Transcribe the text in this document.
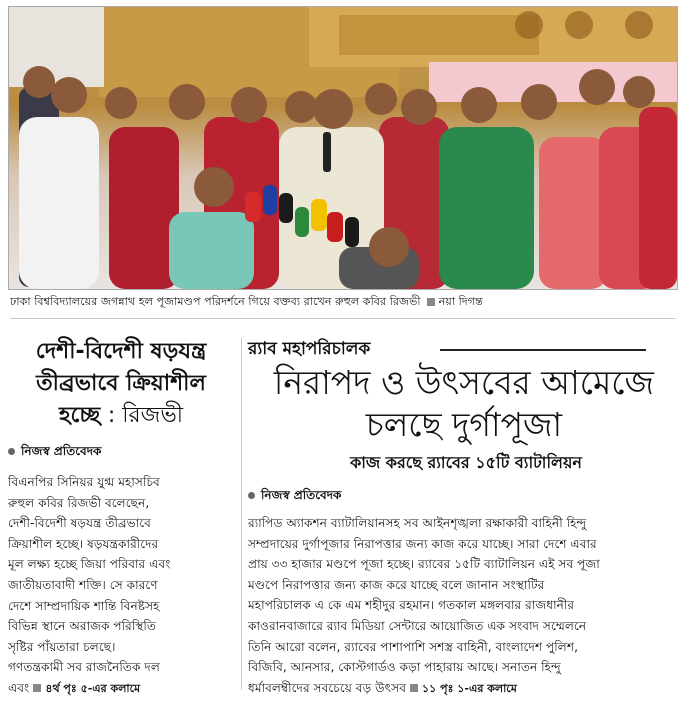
ঢাকা বিশ্ববিদ্যালয়ের জগন্নাথ হল পূজামণ্ডপ পরিদর্শনে গিয়ে বক্তব্য রাখেন রুহুল কবির রিজভী নয়া দিগন্ত
দেশী-বিদেশী ষড়যন্ত্র
তীব্রভাবে ক্রিয়াশীল
হচ্ছে : রিজভী
নিজস্ব প্রতিবেদক
বিএনপির সিনিয়র যুগ্ম মহাসচিব
রুহুল কবির রিজভী বলেছেন,
দেশী-বিদেশী ষড়যন্ত্র তীব্রভাবে
ক্রিয়াশীল হচ্ছে। ষড়যন্ত্রকারীদের
মূল লক্ষ্য হচ্ছে জিয়া পরিবার এবং
জাতীয়তাবাদী শক্তি। সে কারণে
দেশে সাম্প্রদায়িক শান্তি বিনষ্টসহ
বিভিন্ন স্থানে অরাজক পরিস্থিতি
সৃষ্টির পাঁয়তারা চলছে।
গণতন্ত্রকামী সব রাজনৈতিক দল
এবং ৪র্থ পৃঃ ৫-এর কলামে
র‍্যাব মহাপরিচালক
নিরাপদ ও উৎসবের আমেজে
চলছে দুর্গাপূজা
কাজ করছে র‍্যাবের ১৫টি ব্যাটালিয়ন
নিজস্ব প্রতিবেদক
র‍্যাপিড অ্যাকশন ব্যাটালিয়ানসহ সব আইনশৃঙ্খলা রক্ষাকারী বাহিনী হিন্দু
সম্প্রদায়ের দুর্গাপূজার নিরাপত্তার জন্য কাজ করে যাচ্ছে। সারা দেশে এবার
প্রায় ৩৩ হাজার মণ্ডপে পূজা হচ্ছে। র‍্যাবের ১৫টি ব্যাটালিয়ন এই সব পূজা
মণ্ডপে নিরাপত্তার জন্য কাজ করে যাচ্ছে বলে জানান সংস্থাটির
মহাপরিচালক এ কে এম শহীদুর রহমান। গতকাল মঙ্গলবার রাজধানীর
কাওরানবাজারে র‍্যাব মিডিয়া সেন্টারে আয়োজিত এক সংবাদ সম্মেলনে
তিনি আরো বলেন, র‍্যাবের পাশাপাশি সশস্ত্র বাহিনী, বাংলাদেশ পুলিশ,
বিজিবি, আনসার, কোস্টগার্ডও কড়া পাহারায় আছে। সনাতন হিন্দু
ধর্মাবলম্বীদের সবচেয়ে বড় উৎসব ১১ পৃঃ ১-এর কলামে
